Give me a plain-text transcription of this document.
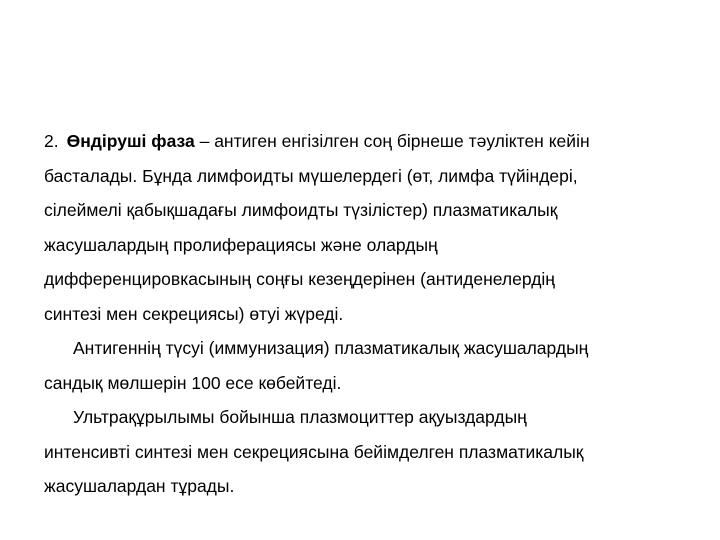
2. Өндіруші фаза – антиген енгізілген соң бірнеше тәуліктен кейін
басталады. Бұнда лимфоидты мүшелердегі (өт, лимфа түйіндері,
сілеймелі қабықшадағы лимфоидты түзілістер) плазматикалық
жасушалардың пролиферациясы және олардың
дифференцировкасының соңғы кезеңдерінен (антиденелердің
синтезі мен секрециясы) өтуі жүреді.
Антигеннің түсуі (иммунизация) плазматикалық жасушалардың
сандық мөлшерін 100 есе көбейтеді.
Ультрақұрылымы бойынша плазмоциттер ақуыздардың
интенсивті синтезі мен секрециясына бейімделген плазматикалық
жасушалардан тұрады.
